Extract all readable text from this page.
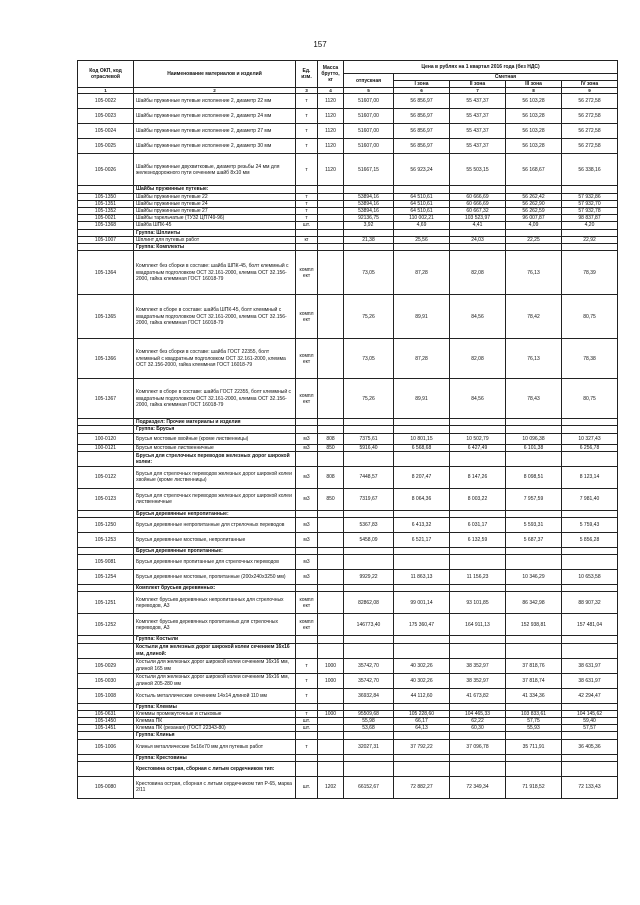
157
Код ОКП, код отраслевой	Наименование материалов и изделий	Ед. изм.	Масса брутто, кг	Цена в рублях на 1 квартал 2016 года (без НДС)				
				отпускная	Сметная			
					I зона	II зона	III зона	IV зона
1	2	3	4	5	6	7	8	9
105-0022	Шайбы пружинные путевые исполнение 2, диаметр 22 мм	т	1120	51607,00	56 856,97	55 437,37	56 103,28	56 272,58
105-0023	Шайбы пружинные путевые исполнение 2, диаметр 24 мм	т	1120	51607,00	56 856,97	55 437,37	56 103,28	56 272,58
105-0024	Шайбы пружинные путевые исполнение 2, диаметр 27 мм	т	1120	51607,00	56 856,97	55 437,37	56 103,28	56 272,58
105-0025	Шайбы пружинные путевые исполнение 2, диаметр 30 мм	т	1120	51607,00	56 856,97	55 437,37	56 103,28	56 272,58
105-0026	Шайбы пружинные двухвитковые, диаметр резьбы 24 мм для железнодорожного пути сечением шайб 8х10 мм	т	1120	51667,15	56 923,24	55 503,15	56 168,67	56 338,16
	Шайбы пружинные путевые:							
105-1350	Шайбы пружинные путевые 22	т		53894,16	64 510,61	60 666,69	56 262,42	57 932,86
105-1351	Шайбы пружинные путевые 24	т		53894,16	64 510,61	60 666,69	56 262,90	57 932,70
105-1352	Шайбы пружинные путевые 27	т		53894,16	64 510,61	60 667,32	56 262,59	57 932,78
105-0021	Шайбы тарельчатые (ТУ32 ЦП749-96)	т		92136,75	110 002,21	103 523,97	96 007,87	98 837,87
105-1368	Шайба ШПК-45	шт.		3,92	4,69	4,41	4,09	4,20
	Группа: Шплинты							
105-1007	Шплинт для путевых работ	кг		21,38	25,56	24,03	22,25	22,92
	Группа: Комплекты							
105-1364	Комплект без сборки в составе: шайба ШПК-45, болт клеммный с квадратным подголовком ОСТ 32.161-2000, клемма ОСТ 32.156-2000, гайка клеммная ГОСТ 16018-79	компл ект		73,05	87,28	82,08	76,13	78,39
105-1365	Комплект в сборе в составе: шайба ШПК-45, болт клеммный с квадратным подголовком ОСТ 32.161-2000, клемма ОСТ 32.156-2000, гайка клеммная ГОСТ 16018-79	компл ект		75,26	89,91	84,56	78,42	80,75
105-1366	Комплект без сборки в составе: шайба ГОСТ 22355, болт клеммный с квадратным подголовком ОСТ 32.161-2000, клемма ОСТ 32.156-2000, гайка клеммная ГОСТ 16018-79	компл ект		73,05	87,28	82,08	76,13	78,38
105-1367	Комплект в сборе в составе: шайба ГОСТ 22355, болт клеммный с квадратным подголовком ОСТ 32.161-2000, клемма ОСТ 32.156-2000, гайка клеммная ГОСТ 16018-79	компл ект		75,26	89,91	84,56	78,43	80,75
	Подраздел: Прочие материалы и изделия							
	Группа: Брусья							
100-0120	Брусья мостовые хвойные (кроме лиственницы)	м3	808	7375,61	10 801,15	10 502,79	10 096,38	10 327,43
100-0121	Брусья мостовые лиственничные	м3	850	5916,40	6 568,68	6 427,49	6 101,38	6 256,78
	Брусья для стрелочных переводов железных дорог широкой колеи:							
105-0122	Брусья для стрелочных переводов железных дорог широкой колеи хвойные (кроме лиственницы)	м3	808	7448,57	8 207,47	8 147,26	8 098,51	8 123,14
105-0123	Брусья для стрелочных переводов железных дорог широкой колеи лиственничные	м3	850	7319,67	8 064,36	8 003,22	7 957,59	7 981,40
	Брусья деревянные непропитанные:							
105-1250	Брусья деревянные непропитанные для стрелочных переводов	м3		5367,83	6 413,32	6 031,17	5 593,31	5 759,43
105-1253	Брусья деревянные мостовые, непропитанные	м3		5458,09	6 521,17	6 132,59	5 687,37	5 856,28
	Брусья деревянные пропитанные:							
105-9081	Брусья деревянные пропитанные для стрелочных переводов	м3						
105-1254	Брусья деревянные мостовые, пропитанные (200х240х3250 мм)	м3		9929,22	11 863,13	11 156,23	10 346,29	10 653,58
	Комплект брусьев деревянных:							
105-1251	Комплект брусьев деревянных непропитанных для стрелочных переводов, А3	компл ект		82862,08	99 001,14	93 101,85	86 342,98	88 907,32
105-1252	Комплект брусьев деревянных пропитанных для стрелочных переводов, А3	компл ект		146773,40	175 360,47	164 911,13	152 938,81	157 481,04
	Группа: Костыли							
	Костыли для железных дорог широкой колеи сечением 16х16 мм, длиной:							
105-0029	Костыли для железных дорог широкой колеи сечением 16х16 мм, длиной 165 мм	т	1000	35742,70	40 302,26	38 352,97	37 818,76	38 631,97
105-0030	Костыли для железных дорог широкой колеи сечением 16х16 мм, длиной 205-280 мм	т	1000	35742,70	40 302,26	38 352,97	37 818,74	38 631,97
105-1008	Костыль металлические сечением 14х14 длиной 110 мм	т		36932,84	44 112,60	41 673,82	41 334,36	42 294,47
	Группа: Клеммы							
105-0631	Клеммы промежуточные и стыковые	т	1000	95509,68	105 228,60	104 465,33	103 833,61	104 145,62
105-1450	Клемма ПК	шт.		55,98	66,17	62,22	57,75	59,40
105-1451	Клемма ПК (резаная) (ГОСТ 22343-80)	шт.		53,68	64,13	60,30	55,93	57,57
	Группа: Клинья							
105-1006	Клинья металлические 5х16х70 мм для путевых работ	т		32027,31	37 792,22	37 096,78	35 711,91	36 405,36
	Группа: Крестовины							
	Крестовина острая, сборная с литым сердечником тип:							
105-0080	Крестовина острая, сборная с литым сердечником тип Р-65, марка 2/11	шт.	1202	66152,67	72 882,27	72 349,34	71 918,52	72 133,43
